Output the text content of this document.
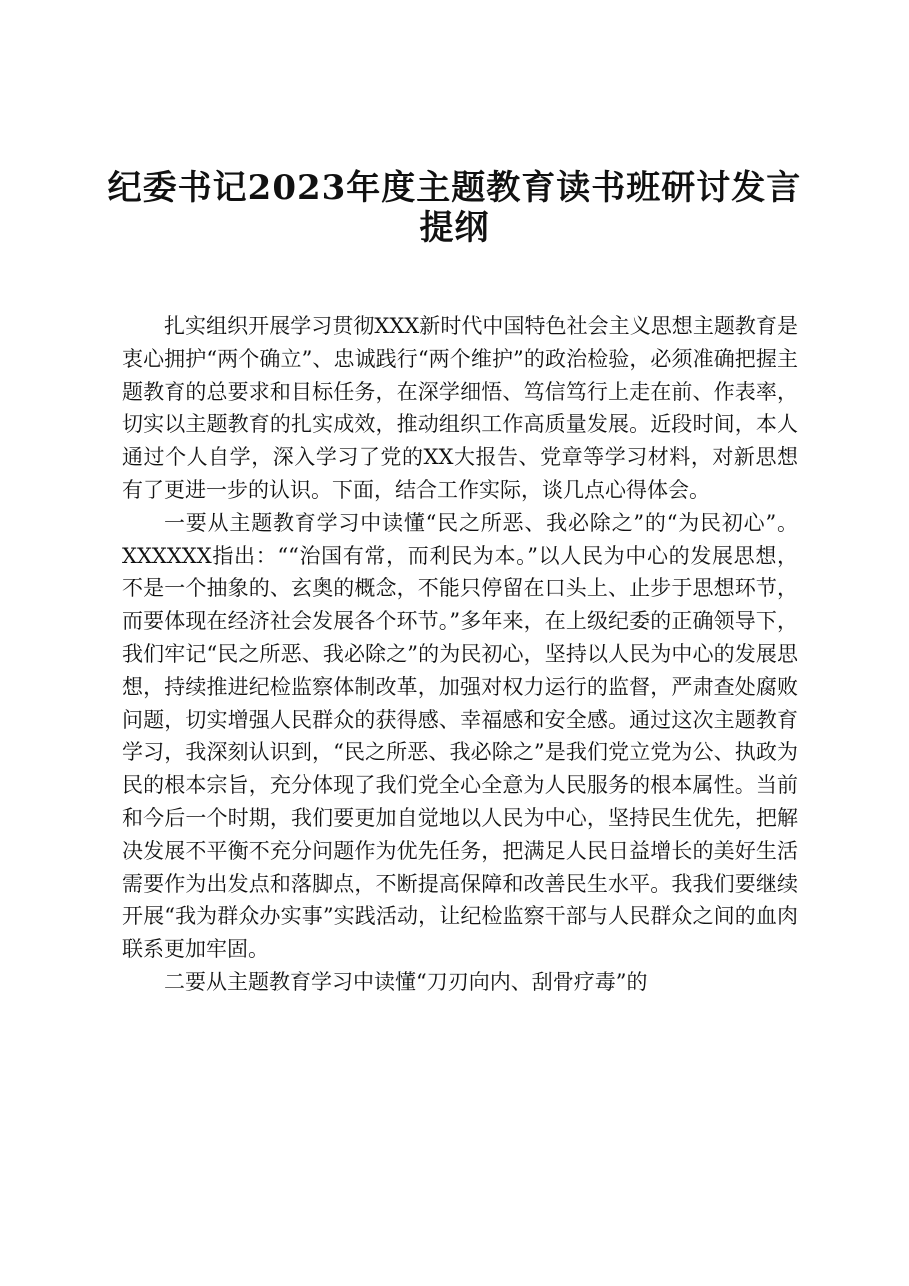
纪委书记2023年度主题教育读书班研讨发言
提纲

扎实组织开展学习贯彻XXX新时代中国特色社会主义思想主题教育是衷心拥护“两个确立”、忠诚践行“两个维护”的政治检验，必须准确把握主题教育的总要求和目标任务，在深学细悟、笃信笃行上走在前、作表率，切实以主题教育的扎实成效，推动组织工作高质量发展。近段时间，本人通过个人自学，深入学习了党的XX大报告、党章等学习材料，对新思想有了更进一步的认识。下面，结合工作实际，谈几点心得体会。

一要从主题教育学习中读懂“民之所恶、我必除之”的“为民初心”。XXXXXX指出：““治国有常，而利民为本。”以人民为中心的发展思想，不是一个抽象的、玄奥的概念，不能只停留在口头上、止步于思想环节，而要体现在经济社会发展各个环节。”多年来，在上级纪委的正确领导下，我们牢记“民之所恶、我必除之”的为民初心，坚持以人民为中心的发展思想，持续推进纪检监察体制改革，加强对权力运行的监督，严肃查处腐败问题，切实增强人民群众的获得感、幸福感和安全感。通过这次主题教育学习，我深刻认识到，“民之所恶、我必除之”是我们党立党为公、执政为民的根本宗旨，充分体现了我们党全心全意为人民服务的根本属性。当前和今后一个时期，我们要更加自觉地以人民为中心，坚持民生优先，把解决发展不平衡不充分问题作为优先任务，把满足人民日益增长的美好生活需要作为出发点和落脚点，不断提高保障和改善民生水平。我我们要继续开展“我为群众办实事”实践活动，让纪检监察干部与人民群众之间的血肉联系更加牢固。

二要从主题教育学习中读懂“刀刃向内、刮骨疗毒”的
